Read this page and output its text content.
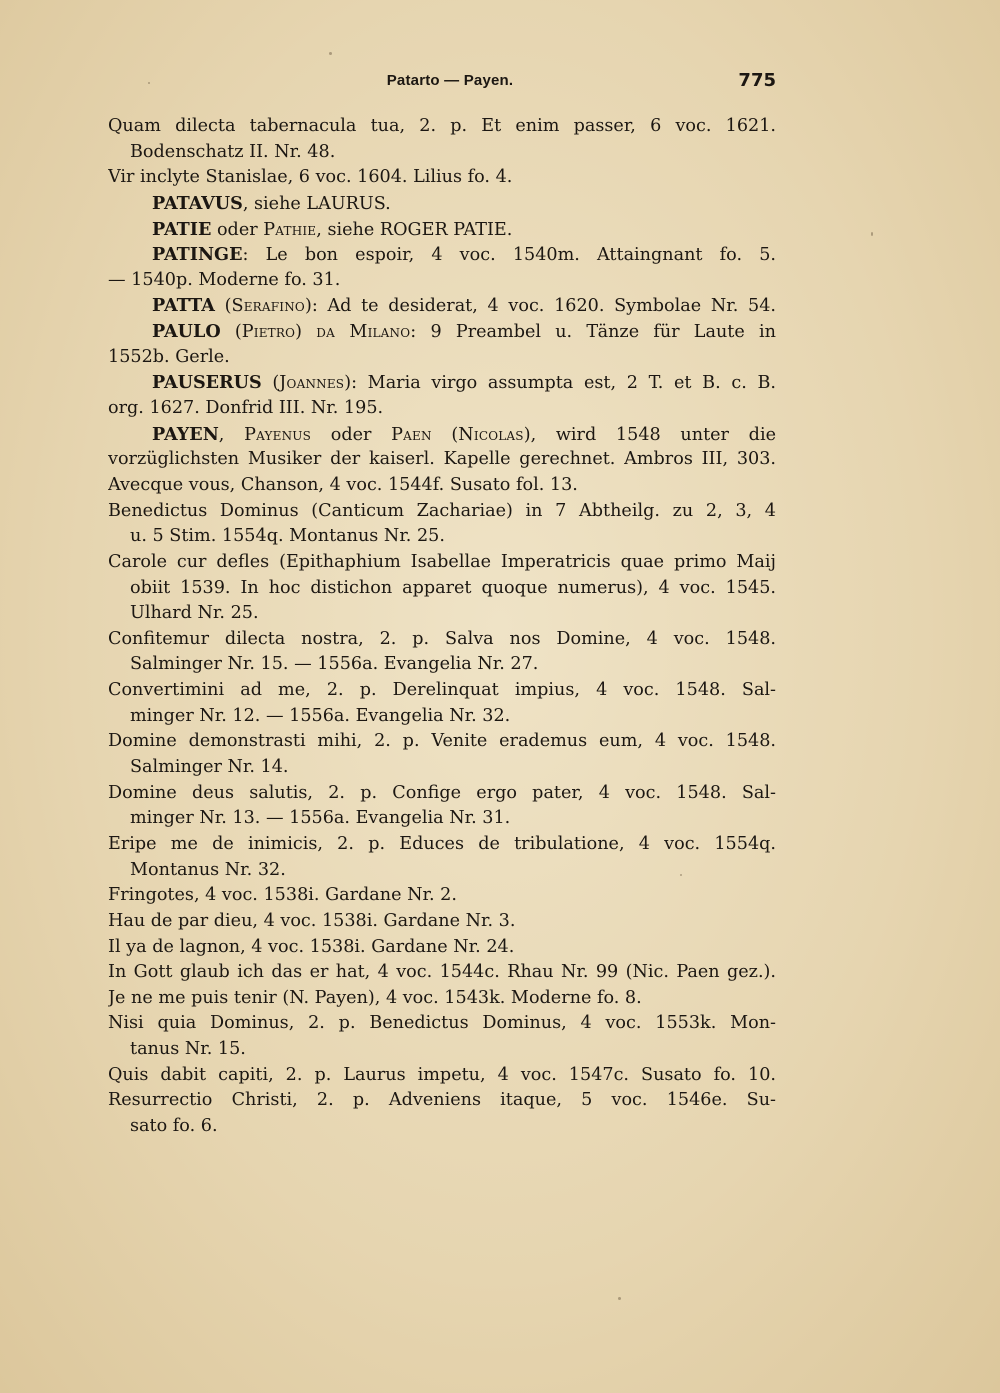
Patarto — Payen.	775
Quam dilecta tabernacula tua, 2. p. Et enim passer, 6 voc. 1621.
Bodenschatz II. Nr. 48.
Vir inclyte Stanislae, 6 voc. 1604. Lilius fo. 4.
PATAVUS, siehe LAURUS.
PATIE oder Pathie, siehe ROGER PATIE.
PATINGE: Le bon espoir, 4 voc. 1540m. Attaingnant fo. 5.
— 1540p. Moderne fo. 31.
PATTA (Serafino): Ad te desiderat, 4 voc. 1620. Symbolae Nr. 54.
PAULO (Pietro) da Milano: 9 Preambel u. Tänze für Laute in
1552b. Gerle.
PAUSERUS (Joannes): Maria virgo assumpta est, 2 T. et B. c. B.
org. 1627. Donfrid III. Nr. 195.
PAYEN, Payenus oder Paen (Nicolas), wird 1548 unter die
vorzüglichsten Musiker der kaiserl. Kapelle gerechnet. Ambros III, 303.
Avecque vous, Chanson, 4 voc. 1544f. Susato fol. 13.
Benedictus Dominus (Canticum Zachariae) in 7 Abtheilg. zu 2, 3, 4
u. 5 Stim. 1554q. Montanus Nr. 25.
Carole cur defles (Epithaphium Isabellae Imperatricis quae primo Maij
obiit 1539. In hoc distichon apparet quoque numerus), 4 voc. 1545.
Ulhard Nr. 25.
Confitemur dilecta nostra, 2. p. Salva nos Domine, 4 voc. 1548.
Salminger Nr. 15. — 1556a. Evangelia Nr. 27.
Convertimini ad me, 2. p. Derelinquat impius, 4 voc. 1548. Sal-
minger Nr. 12. — 1556a. Evangelia Nr. 32.
Domine demonstrasti mihi, 2. p. Venite erademus eum, 4 voc. 1548.
Salminger Nr. 14.
Domine deus salutis, 2. p. Confige ergo pater, 4 voc. 1548. Sal-
minger Nr. 13. — 1556a. Evangelia Nr. 31.
Eripe me de inimicis, 2. p. Educes de tribulatione, 4 voc. 1554q.
Montanus Nr. 32.
Fringotes, 4 voc. 1538i. Gardane Nr. 2.
Hau de par dieu, 4 voc. 1538i. Gardane Nr. 3.
Il ya de lagnon, 4 voc. 1538i. Gardane Nr. 24.
In Gott glaub ich das er hat, 4 voc. 1544c. Rhau Nr. 99 (Nic. Paen gez.).
Je ne me puis tenir (N. Payen), 4 voc. 1543k. Moderne fo. 8.
Nisi quia Dominus, 2. p. Benedictus Dominus, 4 voc. 1553k. Mon-
tanus Nr. 15.
Quis dabit capiti, 2. p. Laurus impetu, 4 voc. 1547c. Susato fo. 10.
Resurrectio Christi, 2. p. Adveniens itaque, 5 voc. 1546e. Su-
sato fo. 6.
